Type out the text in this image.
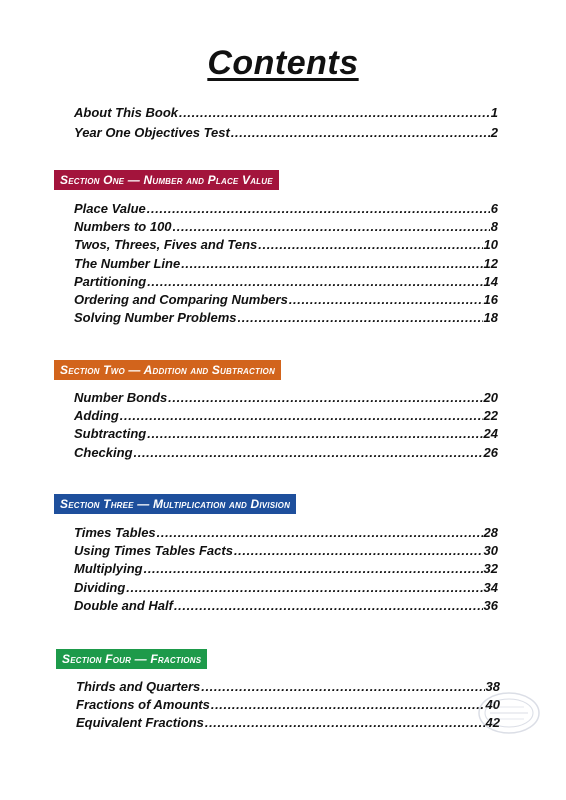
Contents
About This Book .....	1
Year One Objectives Test .....	2
Section One — Number and Place Value
Place Value .....	6
Numbers to 100 .....	8
Twos, Threes, Fives and Tens .....	10
The Number Line .....	12
Partitioning .....	14
Ordering and Comparing Numbers .....	16
Solving Number Problems .....	18
Section Two — Addition and Subtraction
Number Bonds .....	20
Adding .....	22
Subtracting .....	24
Checking .....	26
Section Three — Multiplication and Division
Times Tables .....	28
Using Times Tables Facts .....	30
Multiplying .....	32
Dividing .....	34
Double and Half .....	36
Section Four — Fractions
Thirds and Quarters .....	38
Fractions of Amounts .....	40
Equivalent Fractions .....	42
